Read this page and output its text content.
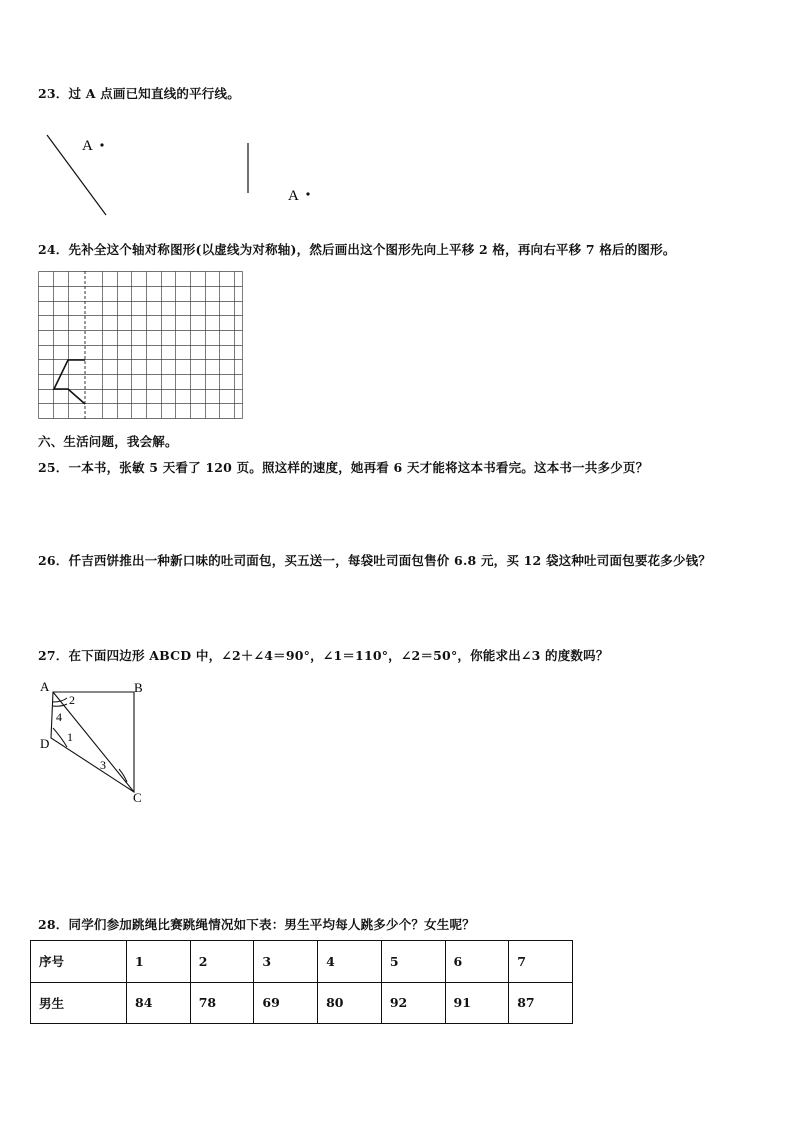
23．过 A 点画已知直线的平行线。
A
A
24．先补全这个轴对称图形(以虚线为对称轴)，然后画出这个图形先向上平移 2 格，再向右平移 7 格后的图形。
六、生活问题，我会解。
25．一本书，张敏 5 天看了 120 页。照这样的速度，她再看 6 天才能将这本书看完。这本书一共多少页？
26．仟吉西饼推出一种新口味的吐司面包，买五送一，每袋吐司面包售价 6.8 元，买 12 袋这种吐司面包要花多少钱？
27．在下面四边形 ABCD 中，∠2＋∠4＝90°，∠1＝110°，∠2＝50°，你能求出∠3 的度数吗？
A	B
C
D 1
2
3
4
28．同学们参加跳绳比赛跳绳情况如下表：男生平均每人跳多少个？女生呢？
序号	1	2	3	4	5	6	7
男生	84	78	69	80	92	91	87
